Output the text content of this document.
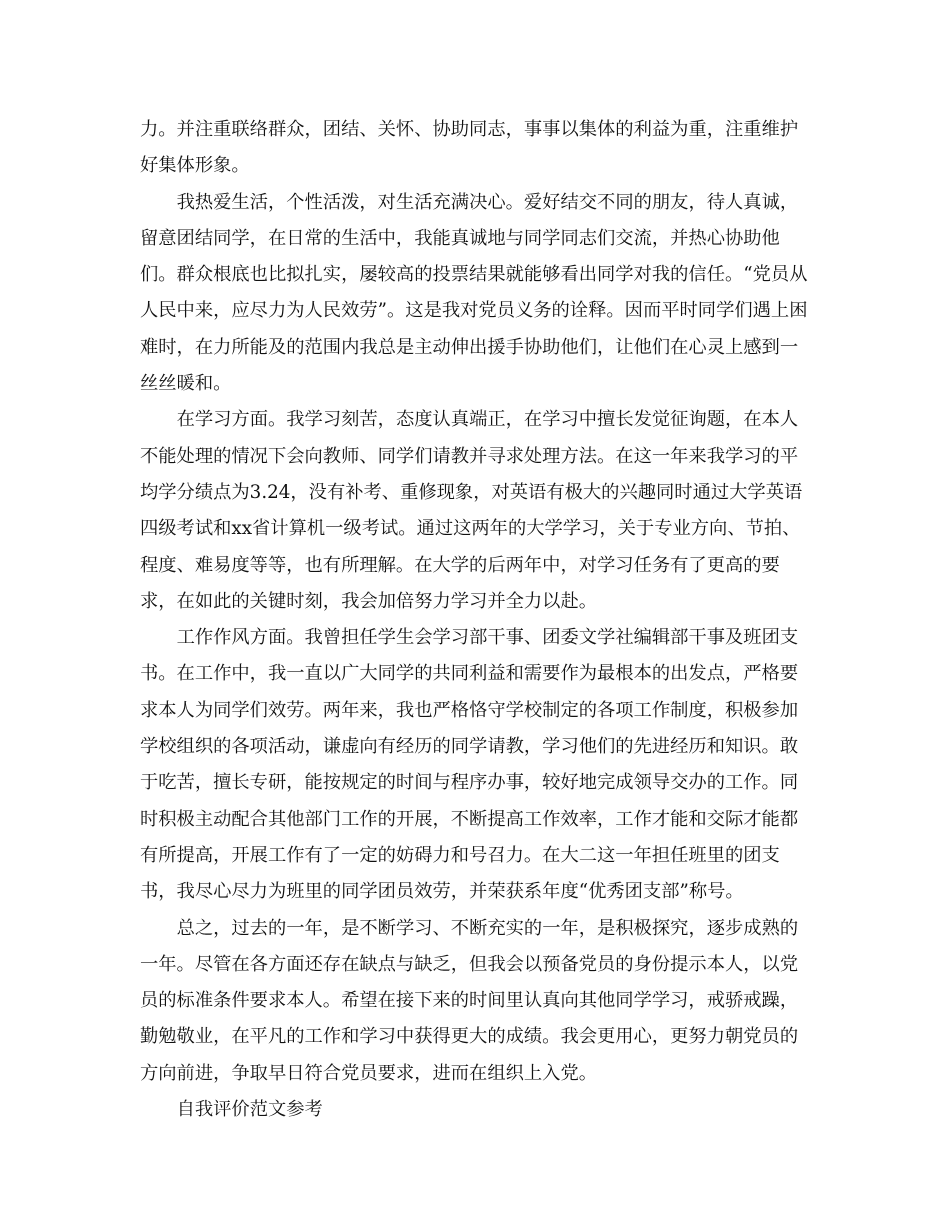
力。并注重联络群众，团结、关怀、协助同志，事事以集体的利益为重，注重维护好集体形象。

我热爱生活，个性活泼，对生活充满决心。爱好结交不同的朋友，待人真诚，留意团结同学，在日常的生活中，我能真诚地与同学同志们交流，并热心协助他们。群众根底也比拟扎实，屡较高的投票结果就能够看出同学对我的信任。“党员从人民中来，应尽力为人民效劳”。这是我对党员义务的诠释。因而平时同学们遇上困难时，在力所能及的范围内我总是主动伸出援手协助他们，让他们在心灵上感到一丝丝暖和。

在学习方面。我学习刻苦，态度认真端正，在学习中擅长发觉征询题，在本人不能处理的情况下会向教师、同学们请教并寻求处理方法。在这一年来我学习的平均学分绩点为3.24，没有补考、重修现象，对英语有极大的兴趣同时通过大学英语四级考试和xx省计算机一级考试。通过这两年的大学学习，关于专业方向、节拍、程度、难易度等等，也有所理解。在大学的后两年中，对学习任务有了更高的要求，在如此的关键时刻，我会加倍努力学习并全力以赴。

工作作风方面。我曾担任学生会学习部干事、团委文学社编辑部干事及班团支书。在工作中，我一直以广大同学的共同利益和需要作为最根本的出发点，严格要求本人为同学们效劳。两年来，我也严格恪守学校制定的各项工作制度，积极参加学校组织的各项活动，谦虚向有经历的同学请教，学习他们的先进经历和知识。敢于吃苦，擅长专研，能按规定的时间与程序办事，较好地完成领导交办的工作。同时积极主动配合其他部门工作的开展，不断提高工作效率，工作才能和交际才能都有所提高，开展工作有了一定的妨碍力和号召力。在大二这一年担任班里的团支书，我尽心尽力为班里的同学团员效劳，并荣获系年度“优秀团支部”称号。

总之，过去的一年，是不断学习、不断充实的一年，是积极探究，逐步成熟的一年。尽管在各方面还存在缺点与缺乏，但我会以预备党员的身份提示本人，以党员的标准条件要求本人。希望在接下来的时间里认真向其他同学学习，戒骄戒躁，勤勉敬业，在平凡的工作和学习中获得更大的成绩。我会更用心，更努力朝党员的方向前进，争取早日符合党员要求，进而在组织上入党。

自我评价范文参考
